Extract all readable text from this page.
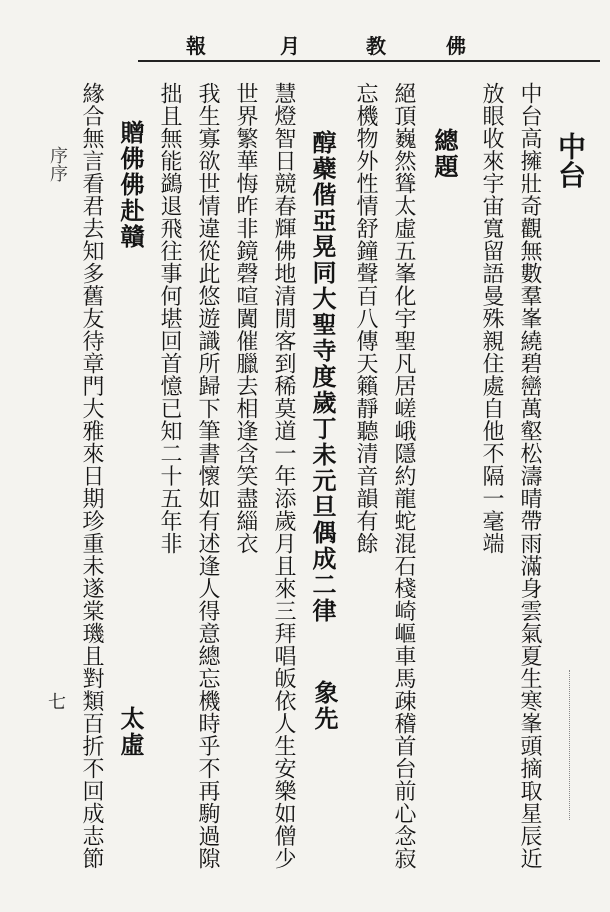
報	月	教	佛
中台
中台高擁壯奇觀無數羣峯繞碧巒萬壑松濤晴帶雨滿身雲氣夏生寒峯頭摘取星辰近
放眼收來宇宙寬留語曼殊親住處自他不隔一毫端
總題
絕頂巍然聳太虛五峯化宇聖凡居嵯峨隱約龍蛇混石棧崎嶇車馬疎稽首台前心念寂
忘機物外性情舒鐘聲百八傳天籟靜聽清音韻有餘
醇蘗偕亞晃同大聖寺度歲丁未元旦偶成二律
象先
慧燈智日競春輝佛地清閒客到稀莫道一年添歲月且來三拜唱皈依人生安樂如僧少
世界繁華悔昨非鏡磬喧闐催臘去相逢含笑盡緇衣
我生寡欲世情違從此悠遊識所歸下筆書懷如有述逢人得意總忘機時乎不再駒過隙
拙且無能鷁退飛往事何堪回首憶已知二十五年非
贈佛佛赴贛
太虛
緣合無言看君去知多舊友待章門大雅來日期珍重未遂棠璣且對類百折不回成志節
七
序序
